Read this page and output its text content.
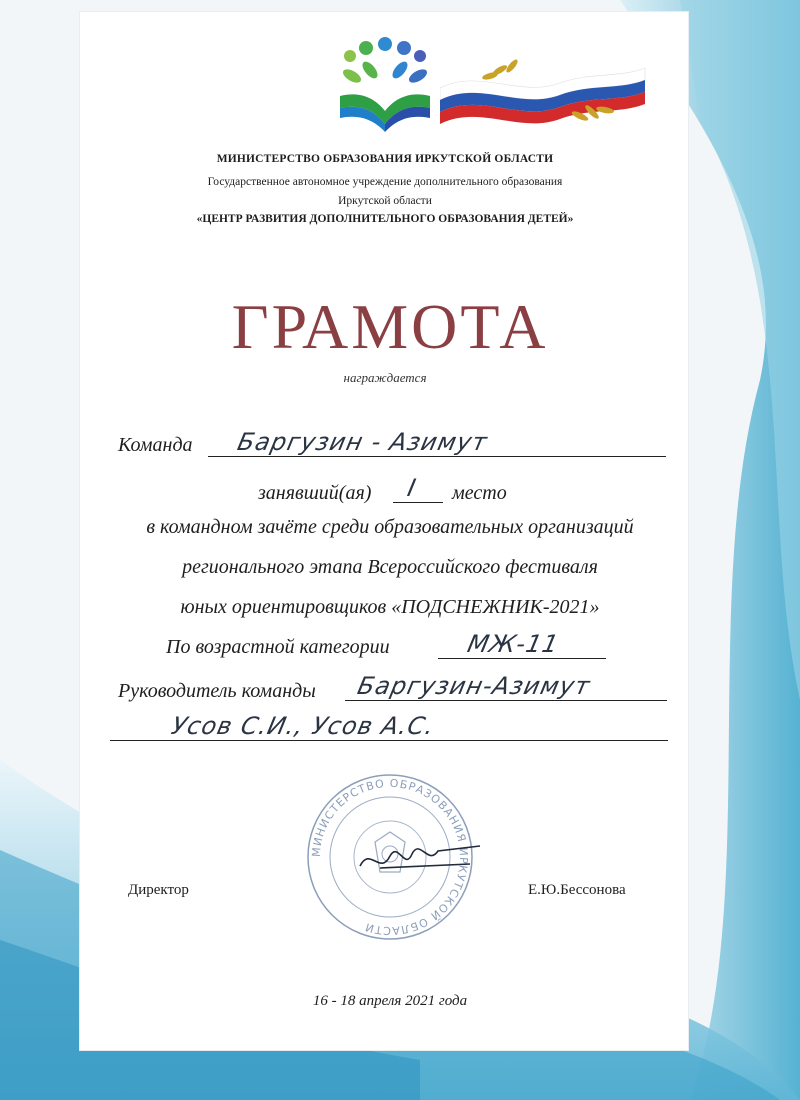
МИНИСТЕРСТВО ОБРАЗОВАНИЯ ИРКУТСКОЙ ОБЛАСТИ
Государственное автономное учреждение дополнительного образования
Иркутской области
«ЦЕНТР РАЗВИТИЯ ДОПОЛНИТЕЛЬНОГО ОБРАЗОВАНИЯ ДЕТЕЙ»
ГРАМОТА
награждается
Команда Баргузин - Азимут
занявший(ая) I место
в командном зачёте среди образовательных организаций
регионального этапа Всероссийского фестиваля
юных ориентировщиков «ПОДСНЕЖНИК-2021»
По возрастной категории	МЖ-11
Руководитель команды Баргузин-Азимут
Усов С.И., Усов А.С.
МИНИСТЕРСТВО ОБРАЗОВАНИЯ ИРКУТСКОЙ ОБЛАСТИ
Директор	Е.Ю.Бессонова
16 - 18 апреля 2021 года
